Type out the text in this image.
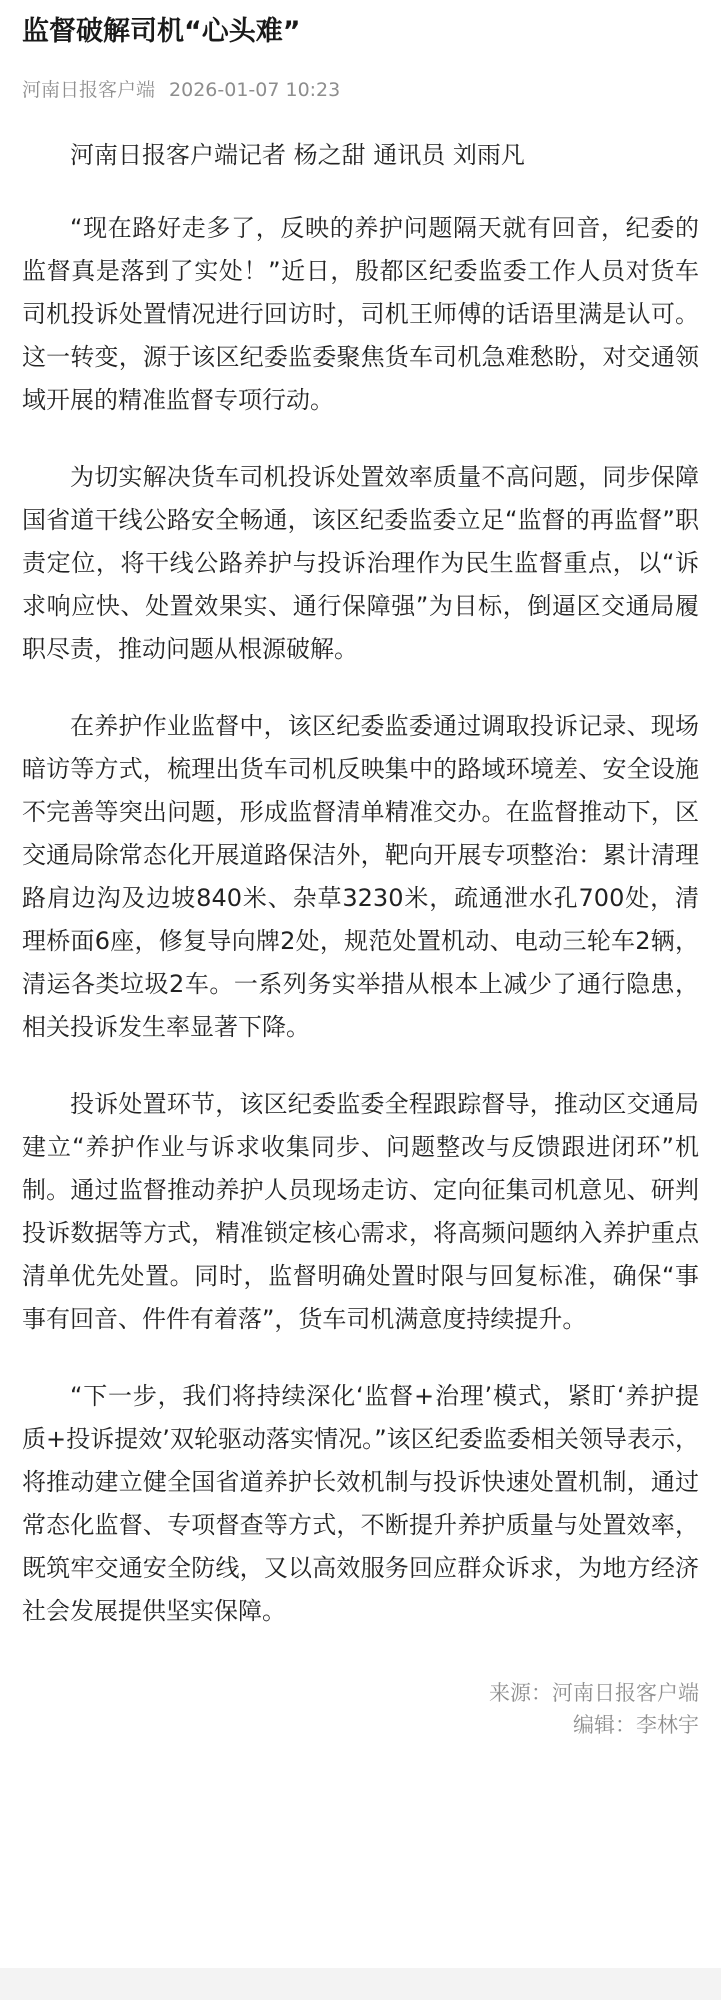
监督破解司机“心头难”
河南日报客户端 2026-01-07 10:23

河南日报客户端记者 杨之甜 通讯员 刘雨凡

“现在路好走多了，反映的养护问题隔天就有回音，纪委的监督真是落到了实处！”近日，殷都区纪委监委工作人员对货车司机投诉处置情况进行回访时，司机王师傅的话语里满是认可。这一转变，源于该区纪委监委聚焦货车司机急难愁盼，对交通领域开展的精准监督专项行动。

为切实解决货车司机投诉处置效率质量不高问题，同步保障国省道干线公路安全畅通，该区纪委监委立足“监督的再监督”职责定位，将干线公路养护与投诉治理作为民生监督重点，以“诉求响应快、处置效果实、通行保障强”为目标，倒逼区交通局履职尽责，推动问题从根源破解。

在养护作业监督中，该区纪委监委通过调取投诉记录、现场暗访等方式，梳理出货车司机反映集中的路域环境差、安全设施不完善等突出问题，形成监督清单精准交办。在监督推动下，区交通局除常态化开展道路保洁外，靶向开展专项整治：累计清理路肩边沟及边坡840米、杂草3230米，疏通泄水孔700处，清理桥面6座，修复导向牌2处，规范处置机动、电动三轮车2辆，清运各类垃圾2车。一系列务实举措从根本上减少了通行隐患，相关投诉发生率显著下降。

投诉处置环节，该区纪委监委全程跟踪督导，推动区交通局建立“养护作业与诉求收集同步、问题整改与反馈跟进闭环”机制。通过监督推动养护人员现场走访、定向征集司机意见、研判投诉数据等方式，精准锁定核心需求，将高频问题纳入养护重点清单优先处置。同时，监督明确处置时限与回复标准，确保“事事有回音、件件有着落”，货车司机满意度持续提升。

“下一步，我们将持续深化‘监督+治理’模式，紧盯‘养护提质+投诉提效’双轮驱动落实情况。”该区纪委监委相关领导表示，将推动建立健全国省道养护长效机制与投诉快速处置机制，通过常态化监督、专项督查等方式，不断提升养护质量与处置效率，既筑牢交通安全防线，又以高效服务回应群众诉求，为地方经济社会发展提供坚实保障。

来源：河南日报客户端
编辑：李林宇
